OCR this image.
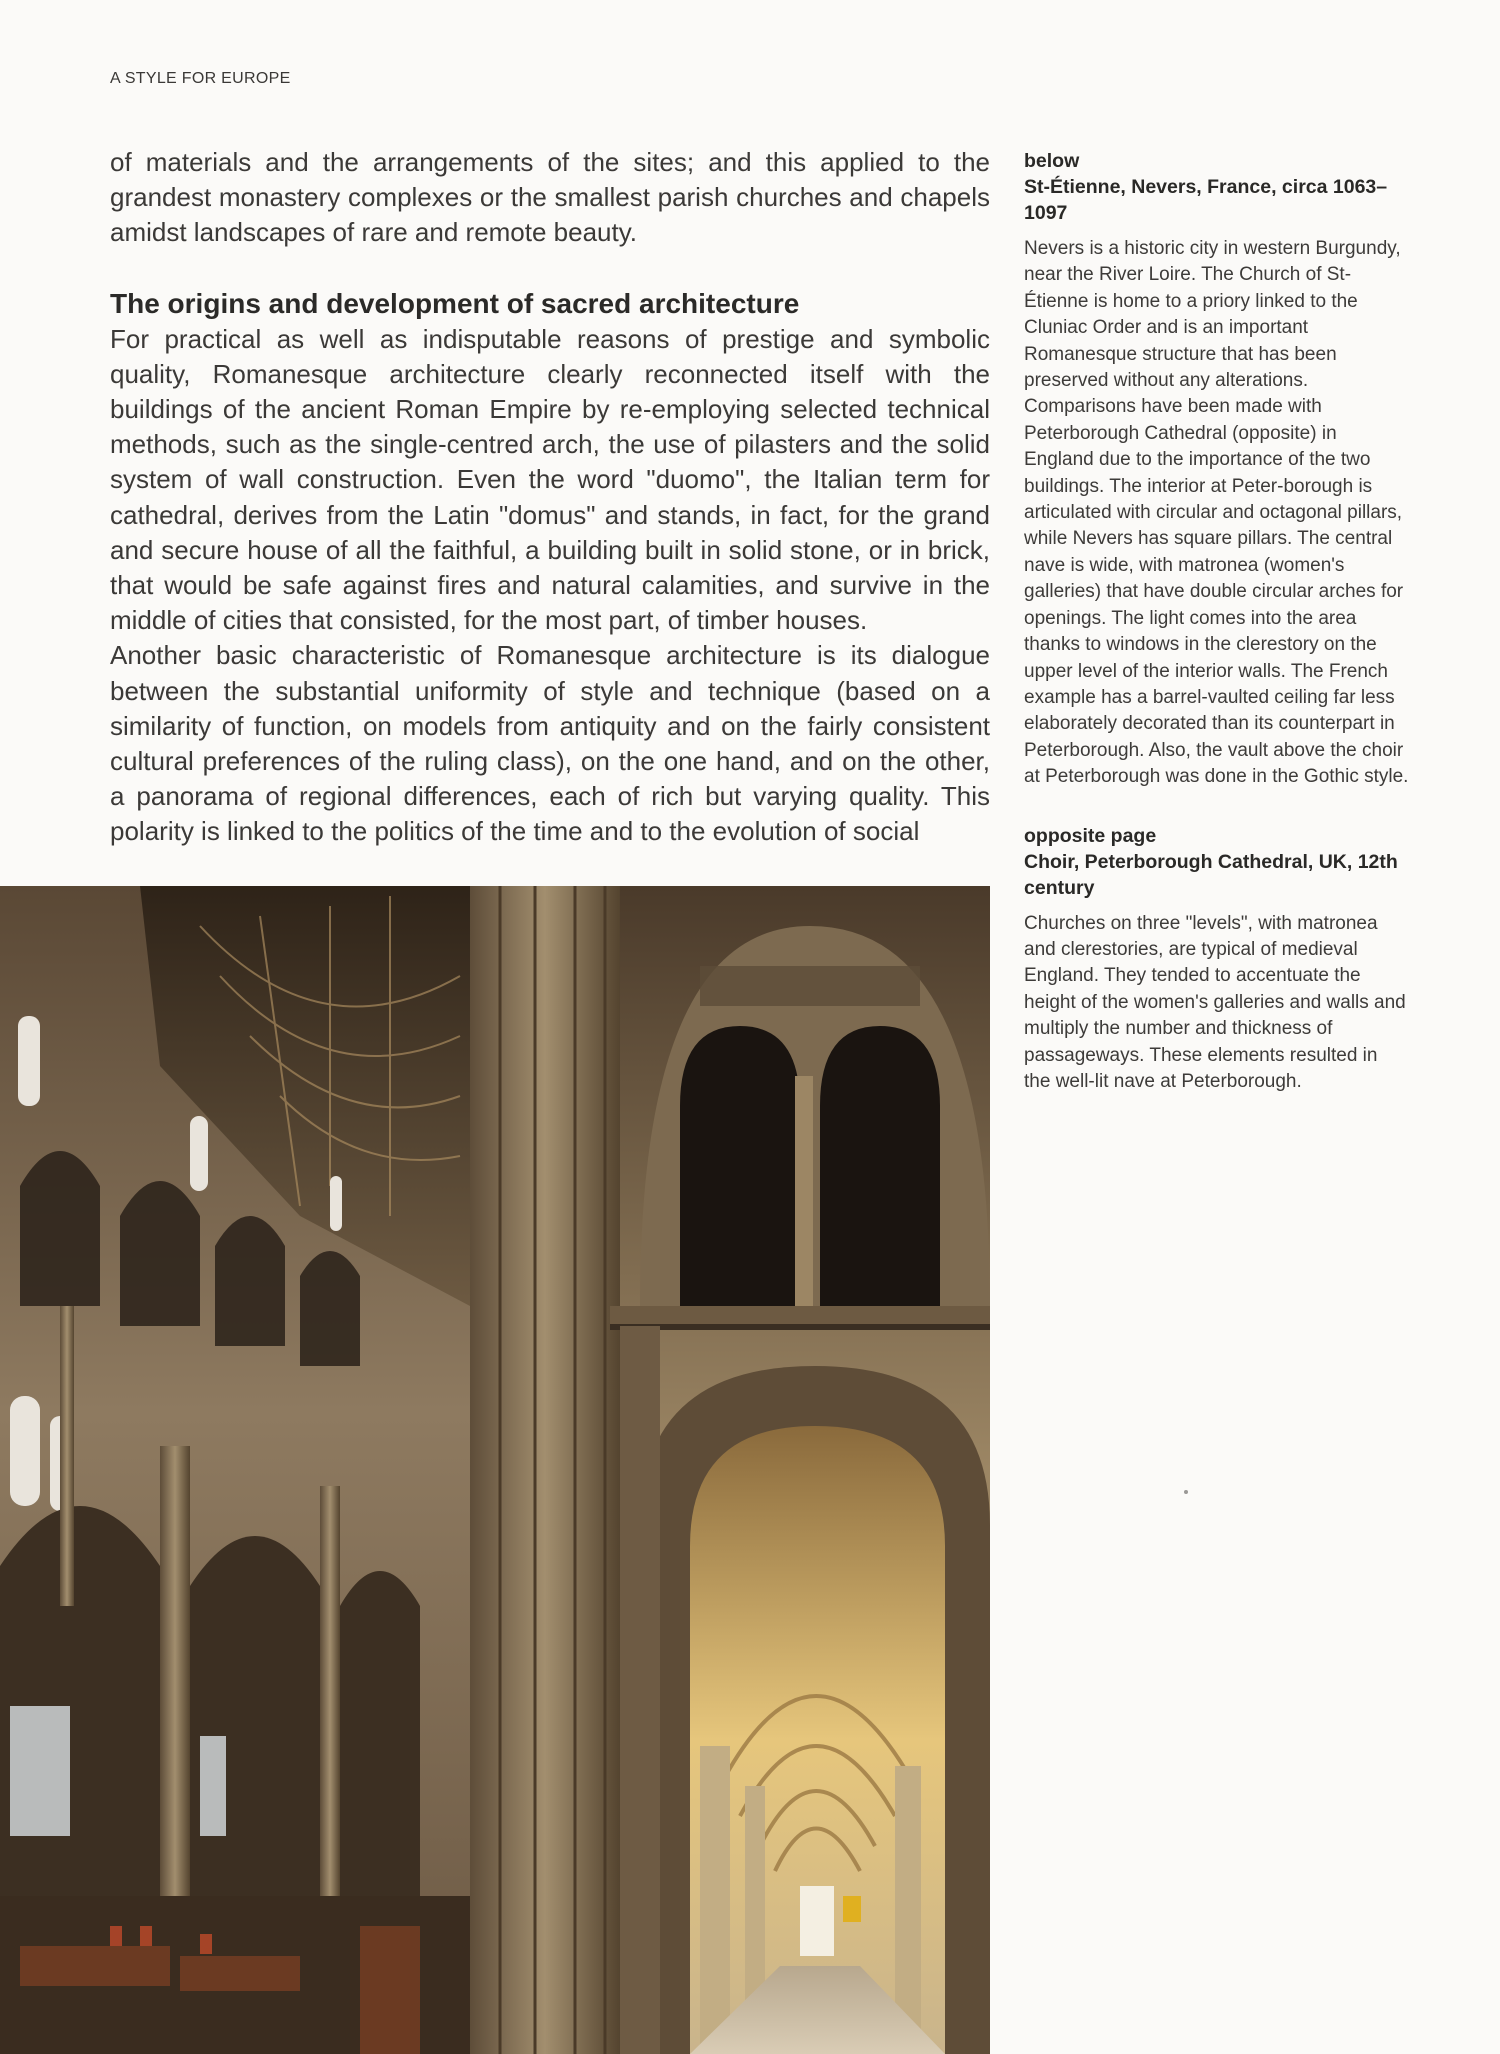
A STYLE FOR EUROPE

of materials and the arrangements of the sites; and this applied to the grandest monastery complexes or the smallest parish churches and chapels amidst landscapes of rare and remote beauty.

The origins and development of sacred architecture

For practical as well as indisputable reasons of prestige and symbolic quality, Romanesque architecture clearly reconnected itself with the buildings of the ancient Roman Empire by re-employing selected technical methods, such as the single-centred arch, the use of pilasters and the solid system of wall construction. Even the word "duomo", the Italian term for cathedral, derives from the Latin "domus" and stands, in fact, for the grand and secure house of all the faithful, a building built in solid stone, or in brick, that would be safe against fires and natural calamities, and survive in the middle of cities that consisted, for the most part, of timber houses.

Another basic characteristic of Romanesque architecture is its dialogue between the substantial uniformity of style and technique (based on a similarity of function, on models from antiquity and on the fairly consistent cultural preferences of the ruling class), on the one hand, and on the other, a panorama of regional differences, each of rich but varying quality. This polarity is linked to the politics of the time and to the evolution of social

below
St-Étienne, Nevers, France, circa 1063–1097
Nevers is a historic city in western Burgundy, near the River Loire. The Church of St-Étienne is home to a priory linked to the Cluniac Order and is an important Romanesque structure that has been preserved without any alterations. Comparisons have been made with Peterborough Cathedral (opposite) in England due to the importance of the two buildings. The interior at Peter-borough is articulated with circular and octagonal pillars, while Nevers has square pillars. The central nave is wide, with matronea (women's galleries) that have double circular arches for openings. The light comes into the area thanks to windows in the clerestory on the upper level of the interior walls. The French example has a barrel-vaulted ceiling far less elaborately decorated than its counterpart in Peterborough. Also, the vault above the choir at Peterborough was done in the Gothic style.
opposite page
Choir, Peterborough Cathedral, UK, 12th century
Churches on three "levels", with matronea and clerestories, are typical of medieval England. They tended to accentuate the height of the women's galleries and walls and multiply the number and thickness of passageways. These elements resulted in the well-lit nave at Peterborough.
